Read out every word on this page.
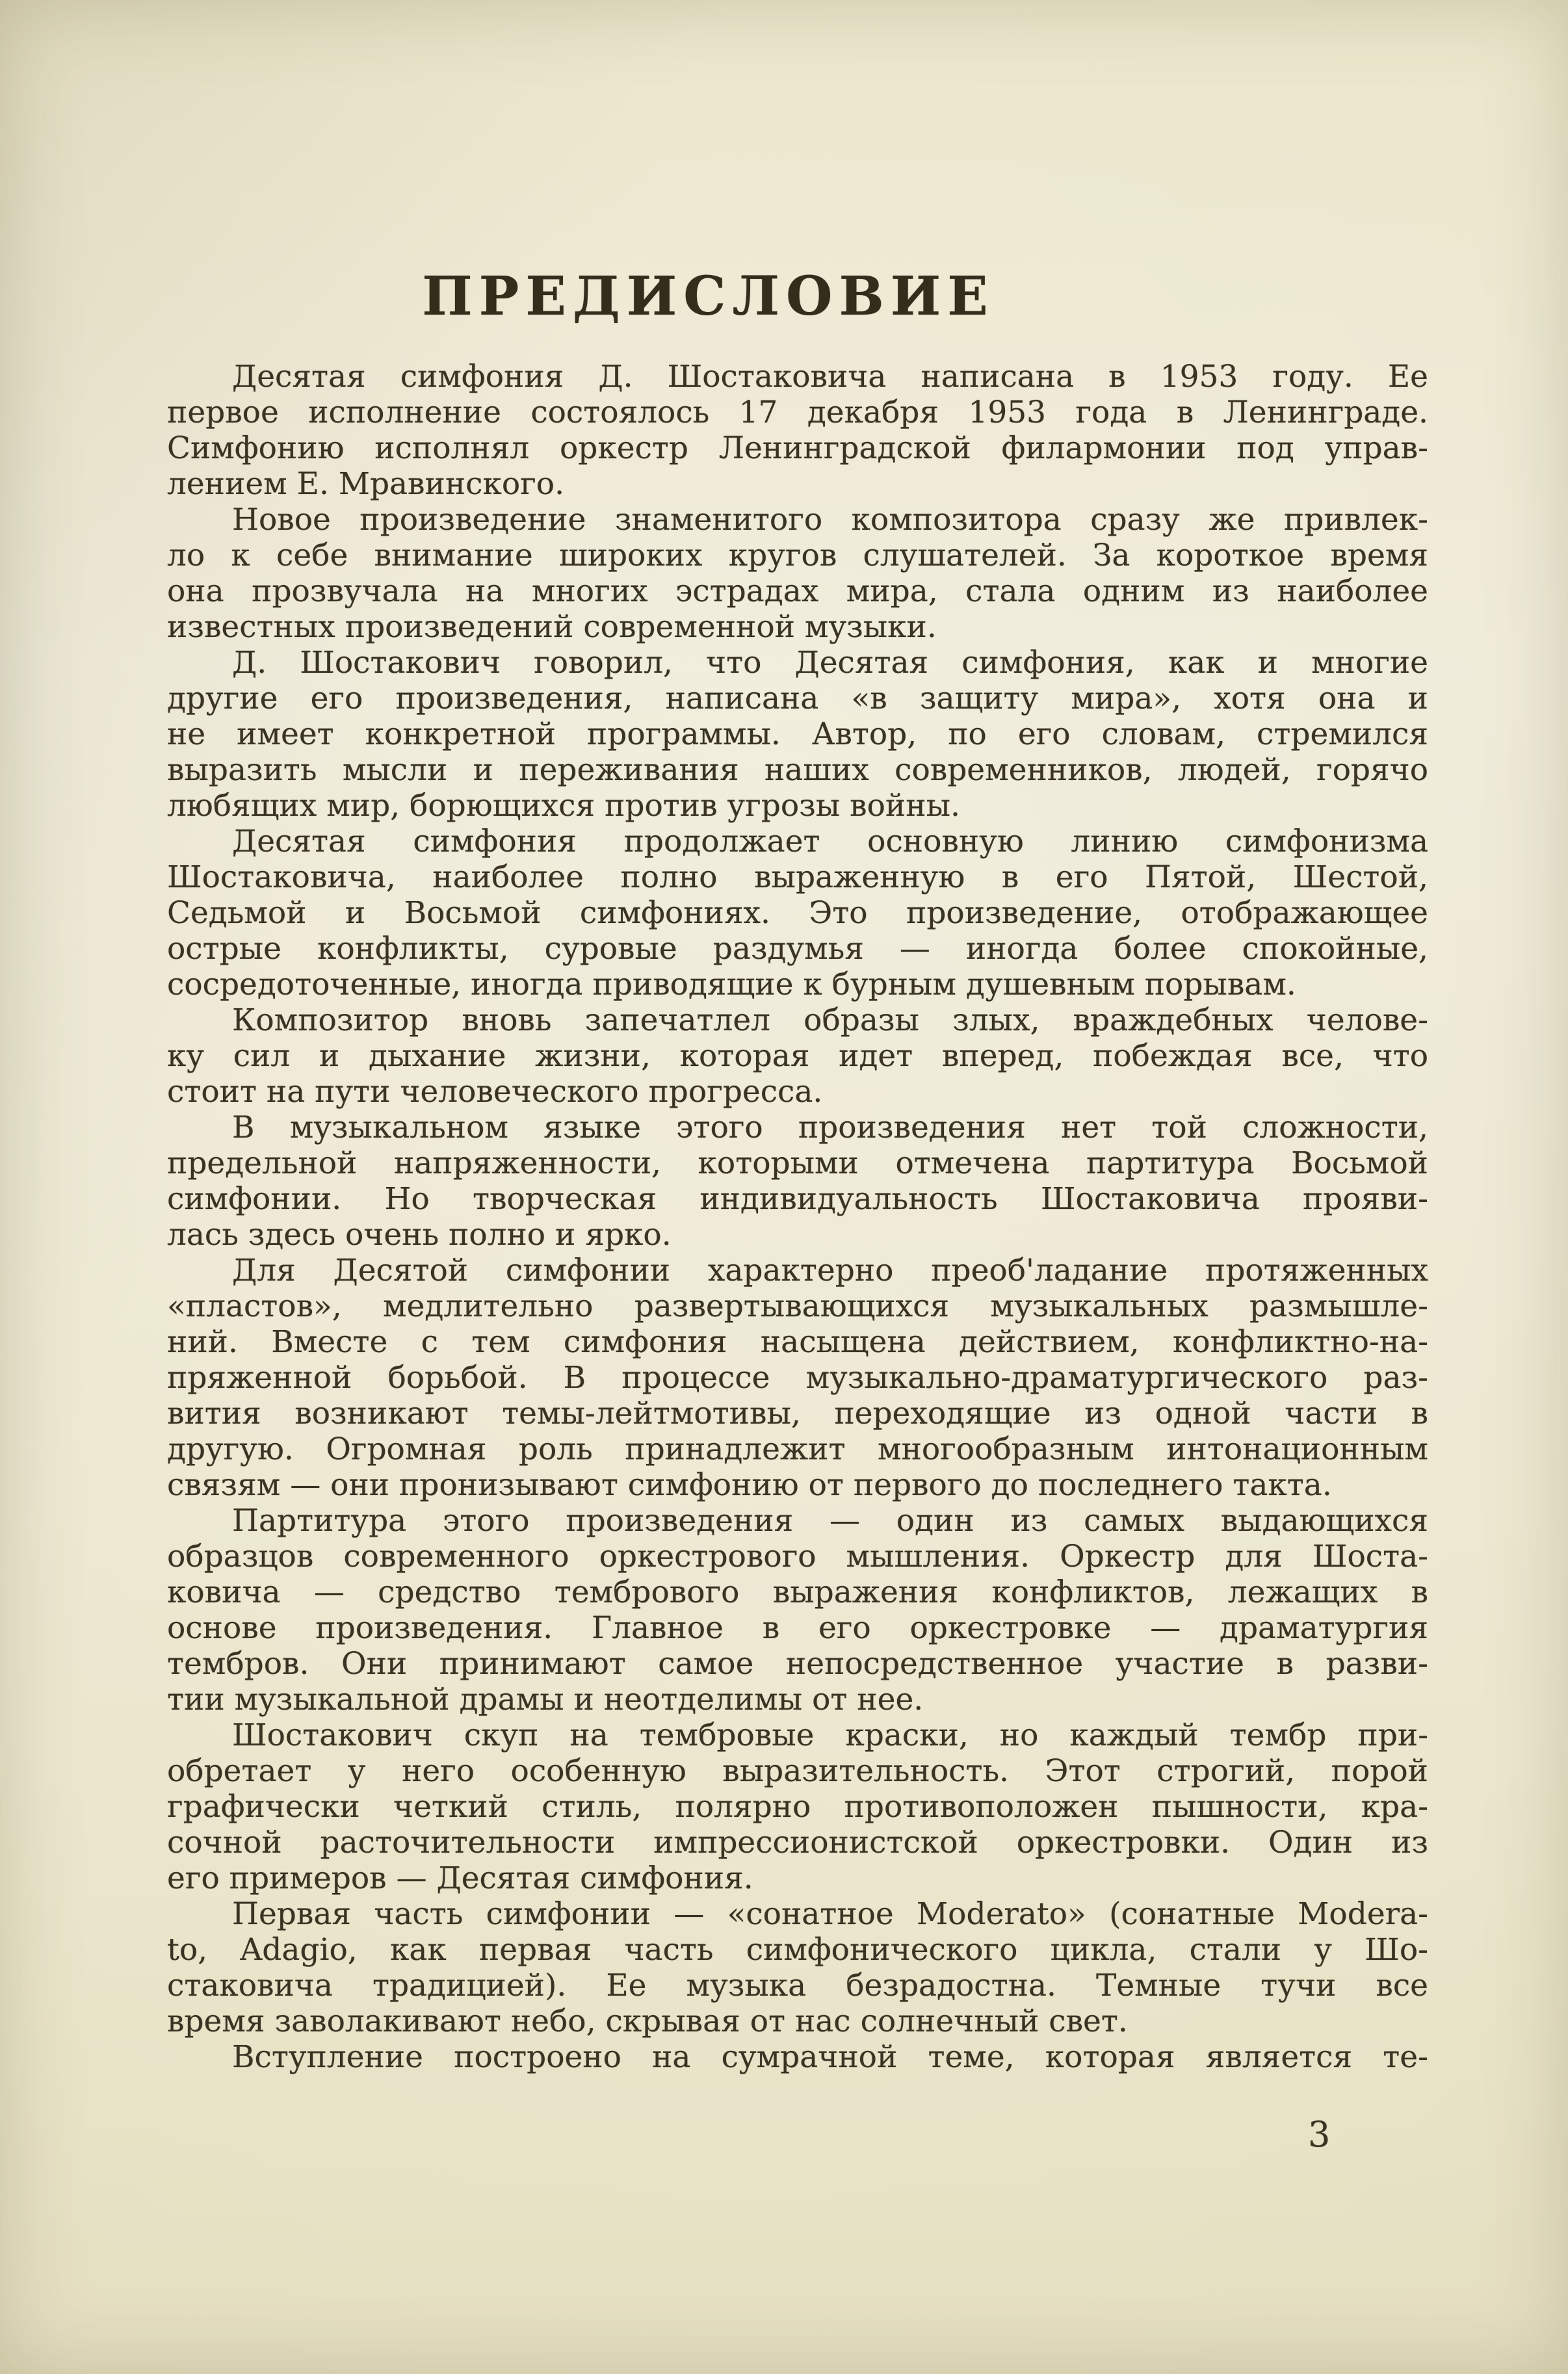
ПРЕДИСЛОВИЕ
Десятая симфония Д. Шостаковича написана в 1953 году. Ее
первое исполнение состоялось 17 декабря 1953 года в Ленинграде.
Симфонию исполнял оркестр Ленинградской филармонии под управ-
лением Е. Мравинского.
Новое произведение знаменитого композитора сразу же привлек-
ло к себе внимание широких кругов слушателей. За короткое время
она прозвучала на многих эстрадах мира, стала одним из наиболее
известных произведений современной музыки.
Д. Шостакович говорил, что Десятая симфония, как и многие
другие его произведения, написана «в защиту мира», хотя она и
не имеет конкретной программы. Автор, по его словам, стремился
выразить мысли и переживания наших современников, людей, горячо
любящих мир, борющихся против угрозы войны.
Десятая симфония продолжает основную линию симфонизма
Шостаковича, наиболее полно выраженную в его Пятой, Шестой,
Седьмой и Восьмой симфониях. Это произведение, отображающее
острые конфликты, суровые раздумья — иногда более спокойные,
сосредоточенные, иногда приводящие к бурным душевным порывам.
Композитор вновь запечатлел образы злых, враждебных челове-
ку сил и дыхание жизни, которая идет вперед, побеждая все, что
стоит на пути человеческого прогресса.
В музыкальном языке этого произведения нет той сложности,
предельной напряженности, которыми отмечена партитура Восьмой
симфонии. Но творческая индивидуальность Шостаковича прояви-
лась здесь очень полно и ярко.
Для Десятой симфонии характерно преоб'ладание протяженных
«пластов», медлительно развертывающихся музыкальных размышле-
ний. Вместе с тем симфония насыщена действием, конфликтно-на-
пряженной борьбой. В процессе музыкально-драматургического раз-
вития возникают темы-лейтмотивы, переходящие из одной части в
другую. Огромная роль принадлежит многообразным интонационным
связям — они пронизывают симфонию от первого до последнего такта.
Партитура этого произведения — один из самых выдающихся
образцов современного оркестрового мышления. Оркестр для Шоста-
ковича — средство тембрового выражения конфликтов, лежащих в
основе произведения. Главное в его оркестровке — драматургия
тембров. Они принимают самое непосредственное участие в разви-
тии музыкальной драмы и неотделимы от нее.
Шостакович скуп на тембровые краски, но каждый тембр при-
обретает у него особенную выразительность. Этот строгий, порой
графически четкий стиль, полярно противоположен пышности, кра-
сочной расточительности импрессионистской оркестровки. Один из
его примеров — Десятая симфония.
Первая часть симфонии — «сонатное Moderato» (сонатные Modera-
to, Adagio, как первая часть симфонического цикла, стали у Шо-
стаковича традицией). Ее музыка безрадостна. Темные тучи все
время заволакивают небо, скрывая от нас солнечный свет.
Вступление построено на сумрачной теме, которая является те-
3
